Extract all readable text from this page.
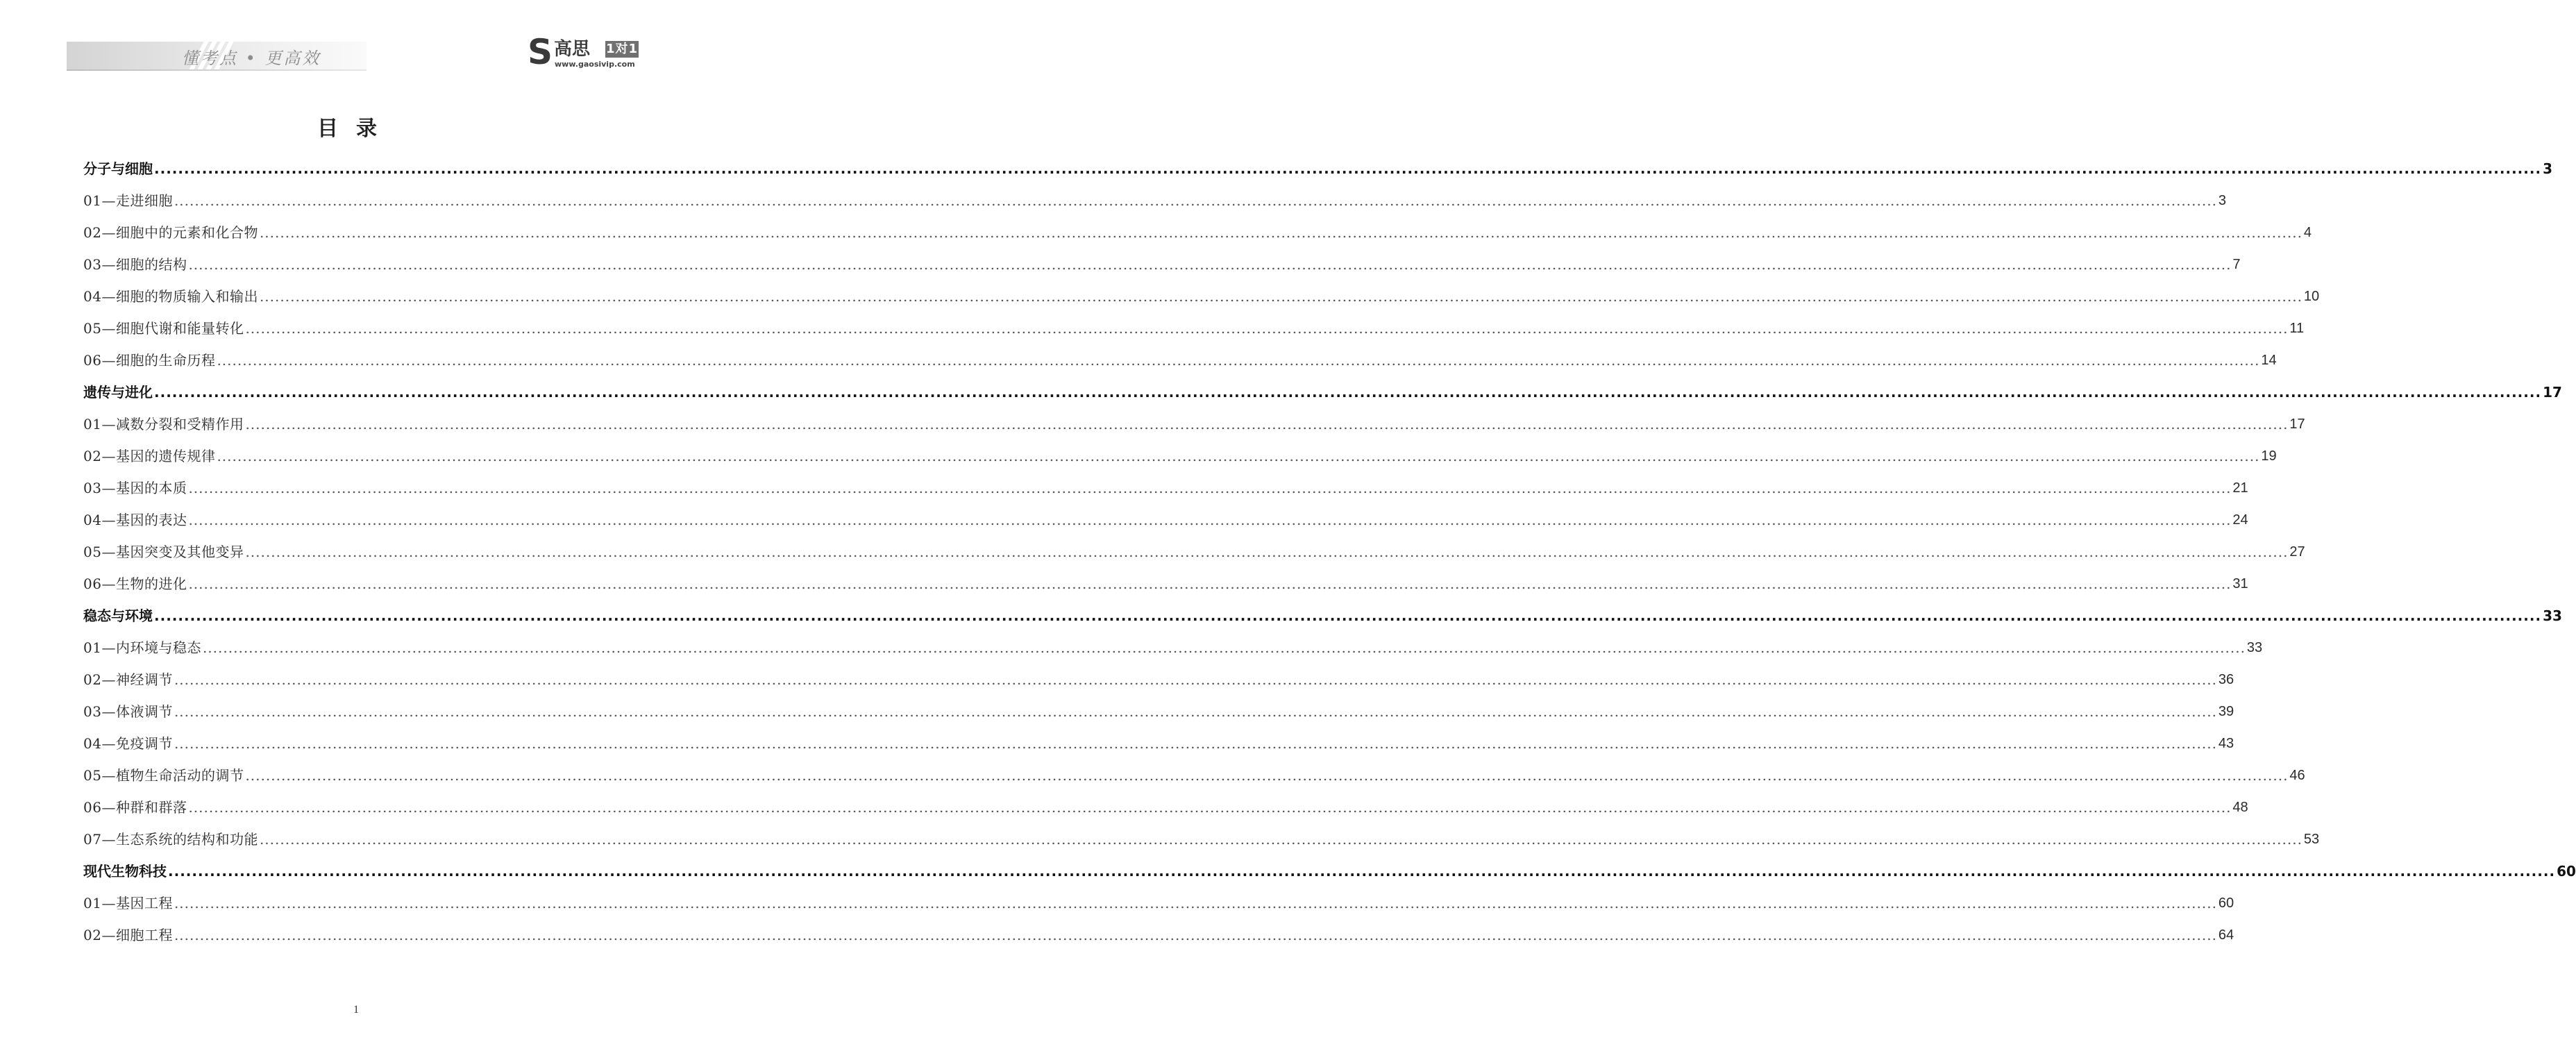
懂考点 • 更高效	S 高思 1对1
www.gaosivip.com
目录
分子与细胞 ................................................................................................................................................................................................................................................................................................................................................................................................................ 3
01—走进细胞 ................................................................................................................................................................................................................................................................................................................................................................................................................ 3
02—细胞中的元素和化合物 ................................................................................................................................................................................................................................................................................................................................................................................................................ 4
03—细胞的结构 ................................................................................................................................................................................................................................................................................................................................................................................................................ 7
04—细胞的物质输入和输出 ................................................................................................................................................................................................................................................................................................................................................................................................................ 10
05—细胞代谢和能量转化 ................................................................................................................................................................................................................................................................................................................................................................................................................ 11
06—细胞的生命历程 ................................................................................................................................................................................................................................................................................................................................................................................................................ 14
遗传与进化 ................................................................................................................................................................................................................................................................................................................................................................................................................ 17
01—减数分裂和受精作用 ................................................................................................................................................................................................................................................................................................................................................................................................................ 17
02—基因的遗传规律 ................................................................................................................................................................................................................................................................................................................................................................................................................ 19
03—基因的本质 ................................................................................................................................................................................................................................................................................................................................................................................................................ 21
04—基因的表达 ................................................................................................................................................................................................................................................................................................................................................................................................................ 24
05—基因突变及其他变异 ................................................................................................................................................................................................................................................................................................................................................................................................................ 27
06—生物的进化 ................................................................................................................................................................................................................................................................................................................................................................................................................ 31
稳态与环境 ................................................................................................................................................................................................................................................................................................................................................................................................................ 33
01—内环境与稳态 ................................................................................................................................................................................................................................................................................................................................................................................................................ 33
02—神经调节 ................................................................................................................................................................................................................................................................................................................................................................................................................ 36
03—体液调节 ................................................................................................................................................................................................................................................................................................................................................................................................................ 39
04—免疫调节 ................................................................................................................................................................................................................................................................................................................................................................................................................ 43
05—植物生命活动的调节 ................................................................................................................................................................................................................................................................................................................................................................................................................ 46
06—种群和群落 ................................................................................................................................................................................................................................................................................................................................................................................................................ 48
07—生态系统的结构和功能 ................................................................................................................................................................................................................................................................................................................................................................................................................ 53
现代生物科技 ................................................................................................................................................................................................................................................................................................................................................................................................................ 60
01—基因工程 ................................................................................................................................................................................................................................................................................................................................................................................................................ 60
02—细胞工程 ................................................................................................................................................................................................................................................................................................................................................................................................................ 64
1
